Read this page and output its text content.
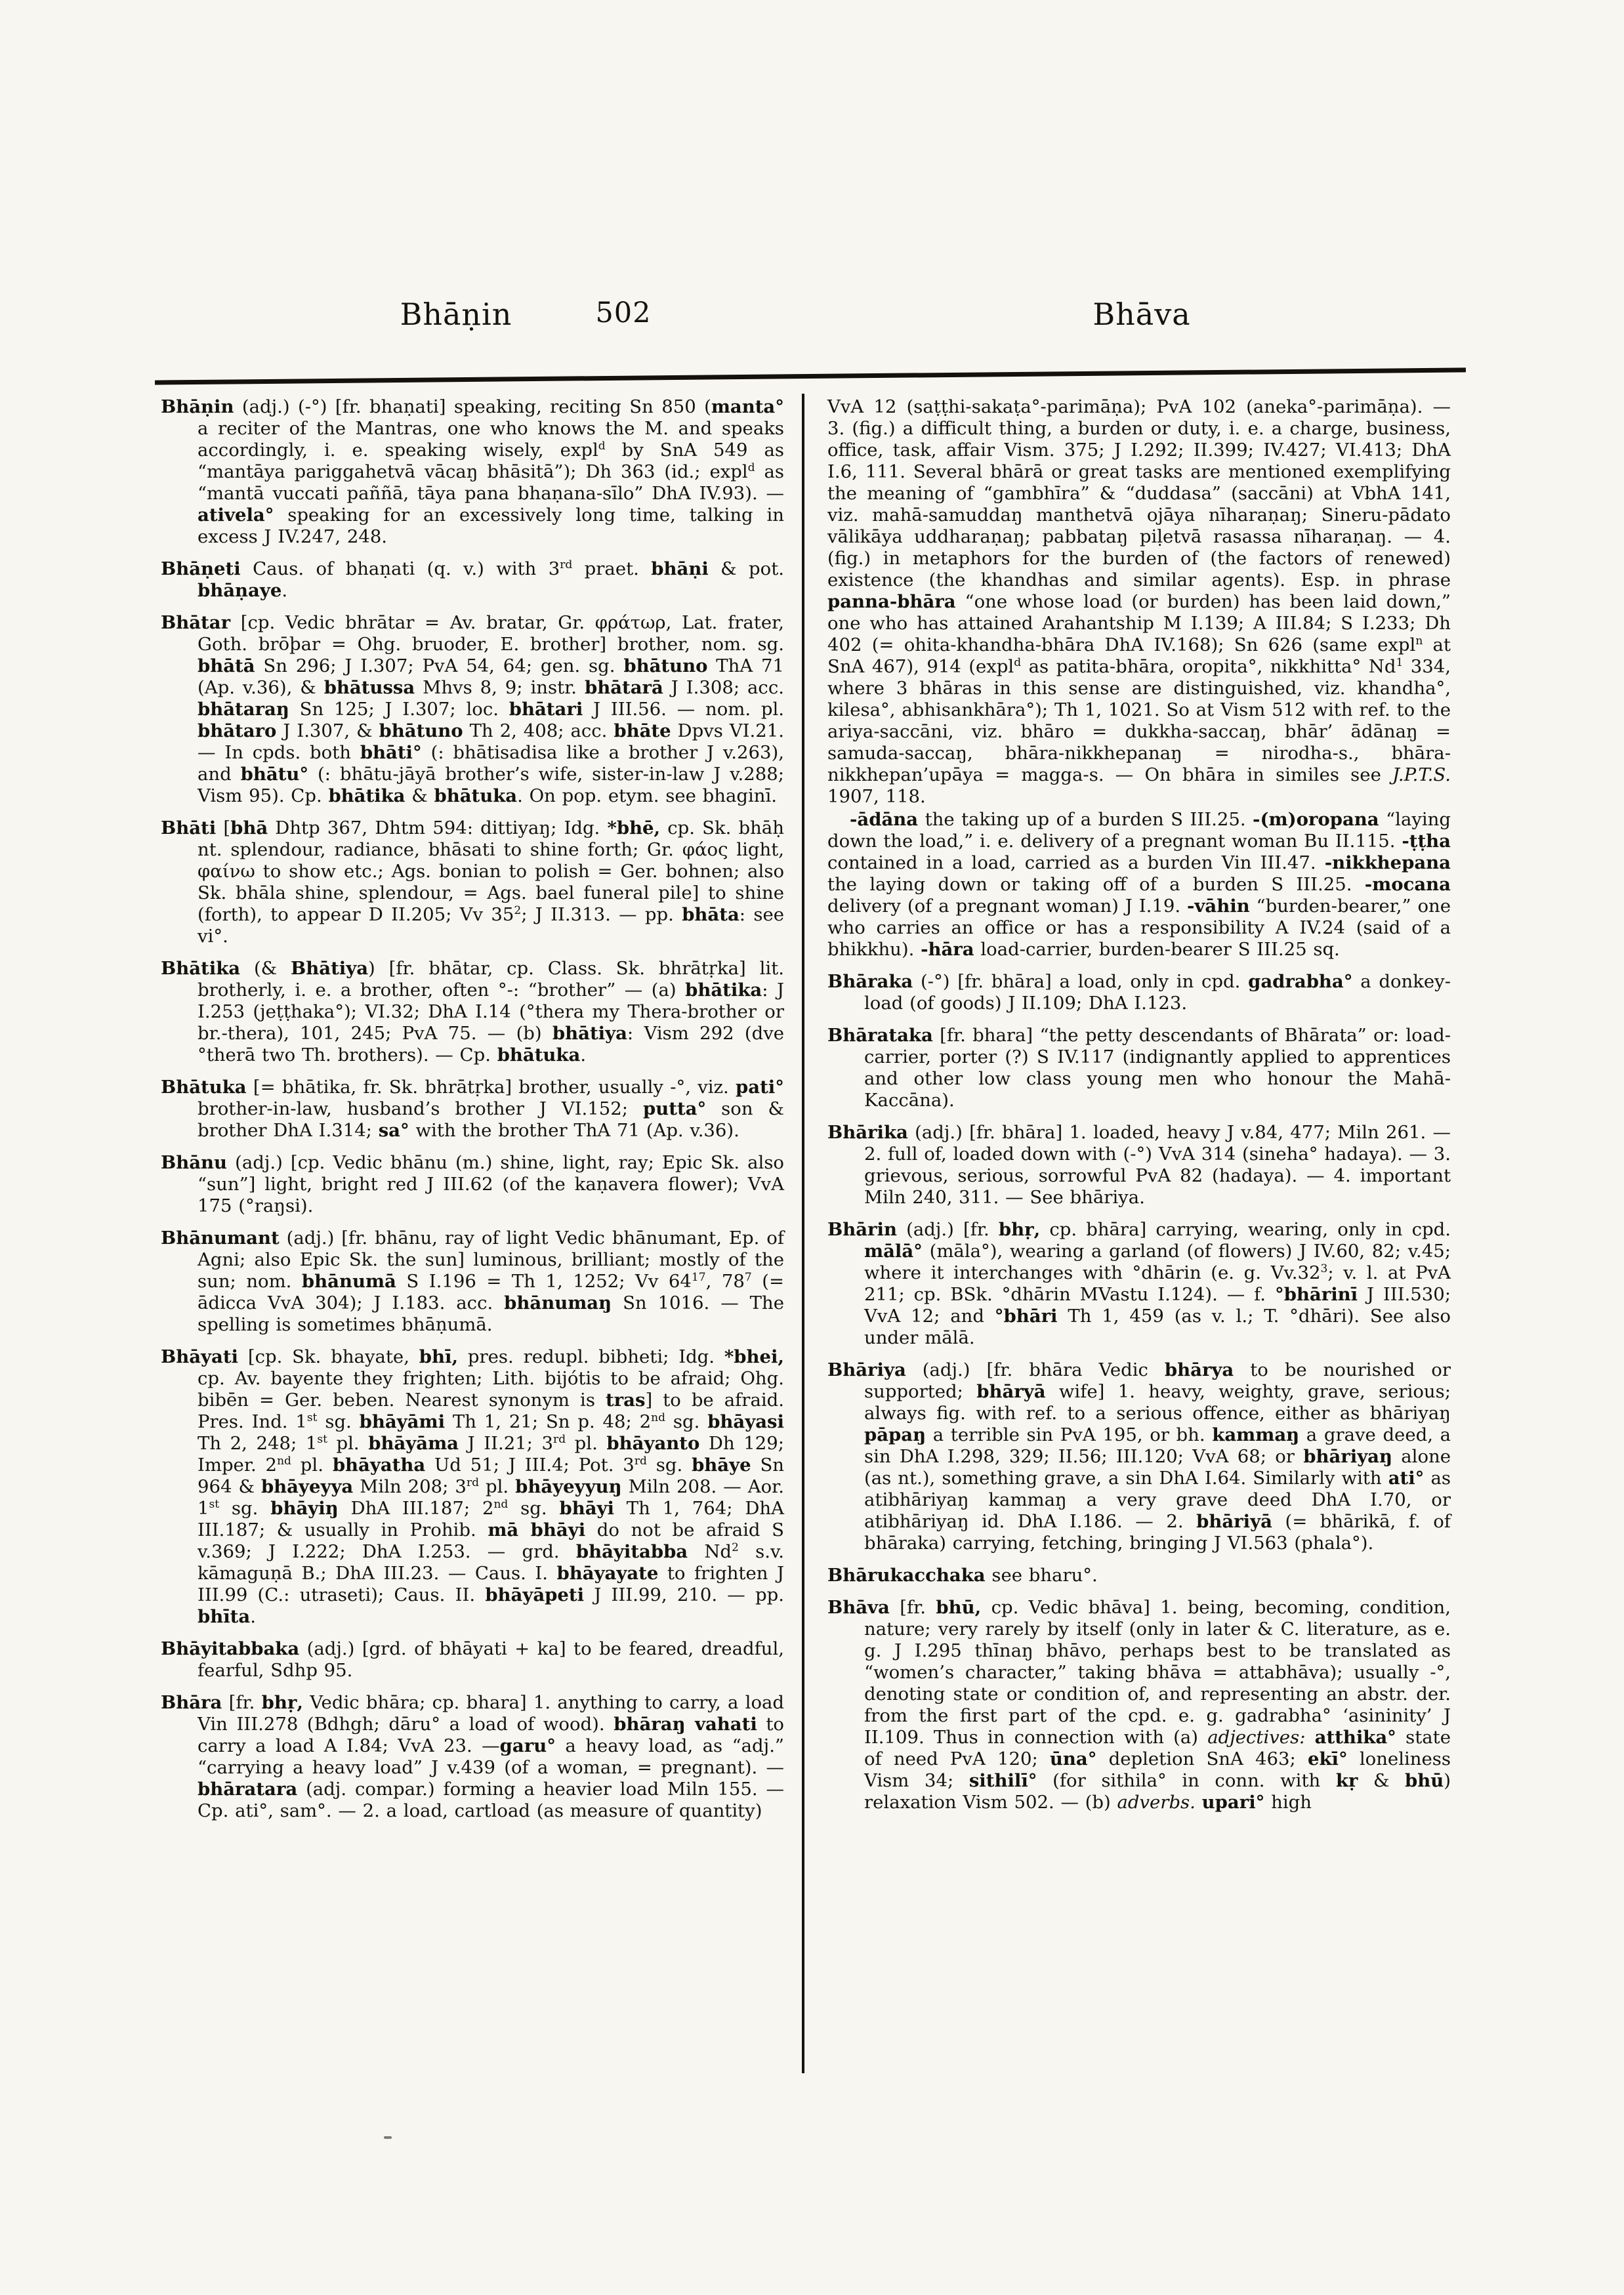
Bhāṇin	502	Bhāva

Bhāṇin (adj.) (-°) [fr. bhaṇati] speaking, reciting Sn 850 (manta° a reciter of the Mantras, one who knows the M. and speaks accordingly, i. e. speaking wisely, expl$^d$ by SnA 549 as “mantāya pariggahetvā vācaŋ bhāsitā”); Dh 363 (id.; expl$^d$ as “mantā vuccati paññā, tāya pana bhaṇana-sīlo” DhA IV.93). —ativela° speaking for an excessively long time, talking in excess J IV.247, 248.

Bhāṇeti Caus. of bhaṇati (q. v.) with 3rd praet. bhāṇi & pot. bhāṇaye.

Bhātar [cp. Vedic bhrātar = Av. bratar, Gr. φράτωρ, Lat. frater, Goth. brōþar = Ohg. bruoder, E. brother] brother, nom. sg. bhātā Sn 296; J I.307; PvA 54, 64; gen. sg. bhātuno ThA 71 (Ap. v.36), & bhātussa Mhvs 8, 9; instr. bhātarā J I.308; acc. bhātaraŋ Sn 125; J I.307; loc. bhātari J III.56. — nom. pl. bhātaro J I.307, & bhātuno Th 2, 408; acc. bhāte Dpvs VI.21. — In cpds. both bhāti° (: bhātisadisa like a brother J v.263), and bhātu° (: bhātu-jāyā brother’s wife, sister-in-law J v.288; Vism 95). Cp. bhātika & bhātuka. On pop. etym. see bhaginī.

Bhāti [bhā Dhtp 367, Dhtm 594: dittiyaŋ; Idg. *bhē, cp. Sk. bhāḥ nt. splendour, radiance, bhāsati to shine forth; Gr. φάος light, φαίνω to show etc.; Ags. bonian to polish = Ger. bohnen; also Sk. bhāla shine, splendour, = Ags. bael funeral pile] to shine (forth), to appear D II.205; Vv $35^2$; J II.313. — pp. bhāta: see vi°.

Bhātika (& Bhātiya) [fr. bhātar, cp. Class. Sk. bhrātṛka] lit. brotherly, i. e. a brother, often °-: “brother” — (a) bhātika: J I.253 (jeṭṭhaka°); VI.32; DhA I.14 (°thera my Thera-brother or br.-thera), 101, 245; PvA 75. — (b) bhātiya: Vism 292 (dve °therā two Th. brothers). — Cp. bhātuka.

Bhātuka [= bhātika, fr. Sk. bhrātṛka] brother, usually -°, viz. pati° brother-in-law, husband’s brother J VI.152; putta° son & brother DhA I.314; sa° with the brother ThA 71 (Ap. v.36).

Bhānu (adj.) [cp. Vedic bhānu (m.) shine, light, ray; Epic Sk. also “sun”] light, bright red J III.62 (of the kaṇavera flower); VvA 175 (°raŋsi).

Bhānumant (adj.) [fr. bhānu, ray of light Vedic bhānumant, Ep. of Agni; also Epic Sk. the sun] luminous, brilliant; mostly of the sun; nom. bhānumā S I.196 = Th 1, 1252; Vv $64^{17}$, $78^7$ (= ādicca VvA 304); J I.183. acc. bhānumaŋ Sn 1016. — The spelling is sometimes bhāṇumā.

Bhāyati [cp. Sk. bhayate, bhī, pres. redupl. bibheti; Idg. *bhei, cp. Av. bayente they frighten; Lith. bijótis to be afraid; Ohg. bibēn = Ger. beben. Nearest synonym is tras] to be afraid. Pres. Ind. 1st sg. bhāyāmi Th 1, 21; Sn p. 48; 2nd sg. bhāyasi Th 2, 248; 1st pl. bhāyāma J II.21; 3rd pl. bhāyanto Dh 129; Imper. 2nd pl. bhāyatha Ud 51; J III.4; Pot. 3rd sg. bhāye Sn 964 & bhāyeyya Miln 208; 3rd pl. bhāyeyyuŋ Miln 208. — Aor. 1st sg. bhāyiŋ DhA III.187; 2nd sg. bhāyi Th 1, 764; DhA III.187; & usually in Prohib. mā bhāyi do not be afraid S v.369; J I.222; DhA I.253. — grd. bhāyitabba Nd$^2$ s.v. kāmaguṇā B.; DhA III.23. — Caus. I. bhāyayate to frighten J III.99 (C.: utraseti); Caus. II. bhāyāpeti J III.99, 210. — pp. bhīta.

Bhāyitabbaka (adj.) [grd. of bhāyati + ka] to be feared, dreadful, fearful, Sdhp 95.

Bhāra [fr. bhṛ, Vedic bhāra; cp. bhara] 1. anything to carry, a load Vin III.278 (Bdhgh; dāru° a load of wood). bhāraŋ vahati to carry a load A I.84; VvA 23. —garu° a heavy load, as “adj.” “carrying a heavy load” J v.439 (of a woman, = pregnant). —bhāratara (adj. compar.) forming a heavier load Miln 155. — Cp. ati°, sam°. — 2. a load, cartload (as measure of quantity)

VvA 12 (saṭṭhi-sakaṭa°-parimāṇa); PvA 102 (aneka°-parimāṇa). — 3. (fig.) a difficult thing, a burden or duty, i. e. a charge, business, office, task, affair Vism. 375; J I.292; II.399; IV.427; VI.413; DhA I.6, 111. Several bhārā or great tasks are mentioned exemplifying the meaning of “gambhīra” & “duddasa” (saccāni) at VbhA 141, viz. mahā-samuddaŋ manthetvā ojāya nīharaṇaŋ; Sineru-pādato vālikāya uddharaṇaŋ; pabbataŋ piḷetvā rasassa nīharaṇaŋ. — 4. (fig.) in metaphors for the burden of (the factors of renewed) existence (the khandhas and similar agents). Esp. in phrase panna-bhāra “one whose load (or burden) has been laid down,” one who has attained Arahantship M I.139; A III.84; S I.233; Dh 402 (= ohita-khandha-bhāra DhA IV.168); Sn 626 (same expl$^n$ at SnA 467), 914 (expl$^d$ as patita-bhāra, oropita°, nikkhitta° Nd$^1$ 334, where 3 bhāras in this sense are distinguished, viz. khandha°, kilesa°, abhisankhāra°); Th 1, 1021. So at Vism 512 with ref. to the ariya-saccāni, viz. bhāro = dukkha-saccaŋ, bhār’ ādānaŋ = samuda-saccaŋ, bhāra-nikkhepanaŋ = nirodha-s., bhāra-nikkhepan’upāya = magga-s. — On bhāra in similes see J.P.T.S. 1907, 118.

-ādāna the taking up of a burden S III.25. -(m)oropana “laying down the load,” i. e. delivery of a pregnant woman Bu II.115. -ṭṭha contained in a load, carried as a burden Vin III.47. -nikkhepana the laying down or taking off of a burden S III.25. -mocana delivery (of a pregnant woman) J I.19. -vāhin “burden-bearer,” one who carries an office or has a responsibility A IV.24 (said of a bhikkhu). -hāra load-carrier, burden-bearer S III.25 sq.

Bhāraka (-°) [fr. bhāra] a load, only in cpd. gadrabha° a donkey-load (of goods) J II.109; DhA I.123.

Bhārataka [fr. bhara] “the petty descendants of Bhārata” or: load-carrier, porter (?) S IV.117 (indignantly applied to apprentices and other low class young men who honour the Mahā-Kaccāna).

Bhārika (adj.) [fr. bhāra] 1. loaded, heavy J v.84, 477; Miln 261. — 2. full of, loaded down with (-°) VvA 314 (sineha° hadaya). — 3. grievous, serious, sorrowful PvA 82 (hadaya). — 4. important Miln 240, 311. — See bhāriya.

Bhārin (adj.) [fr. bhṛ, cp. bhāra] carrying, wearing, only in cpd. mālā° (māla°), wearing a garland (of flowers) J IV.60, 82; v.45; where it interchanges with °dhārin (e. g. $Vv.32^3$; v. l. at PvA 211; cp. BSk. °dhārin MVastu I.124). — f. °bhārinī J III.530; VvA 12; and °bhāri Th 1, 459 (as v. l.; T. °dhāri). See also under mālā.

Bhāriya (adj.) [fr. bhāra Vedic bhārya to be nourished or supported; bhāryā wife] 1. heavy, weighty, grave, serious; always fig. with ref. to a serious offence, either as bhāriyaŋ pāpaŋ a terrible sin PvA 195, or bh. kammaŋ a grave deed, a sin DhA I.298, 329; II.56; III.120; VvA 68; or bhāriyaŋ alone (as nt.), something grave, a sin DhA I.64. Similarly with ati° as atibhāriyaŋ kammaŋ a very grave deed DhA I.70, or atibhāriyaŋ id. DhA I.186. — 2. bhāriyā (= bhārikā, f. of bhāraka) carrying, fetching, bringing J VI.563 (phala°).

Bhārukacchaka see bharu°.

Bhāva [fr. bhū, cp. Vedic bhāva] 1. being, becoming, condition, nature; very rarely by itself (only in later & C. literature, as e. g. J I.295 thīnaŋ bhāvo, perhaps best to be translated as “women’s character,” taking bhāva = attabhāva); usually -°, denoting state or condition of, and representing an abstr. der. from the first part of the cpd. e. g. gadrabha° ‘asininity’ J II.109. Thus in connection with (a) adjectives: atthika° state of need PvA 120; ūna° depletion SnA 463; ekī° loneliness Vism 34; sithilī° (for sithila° in conn. with kṛ & bhū) relaxation Vism 502. — (b) adverbs. upari° high
